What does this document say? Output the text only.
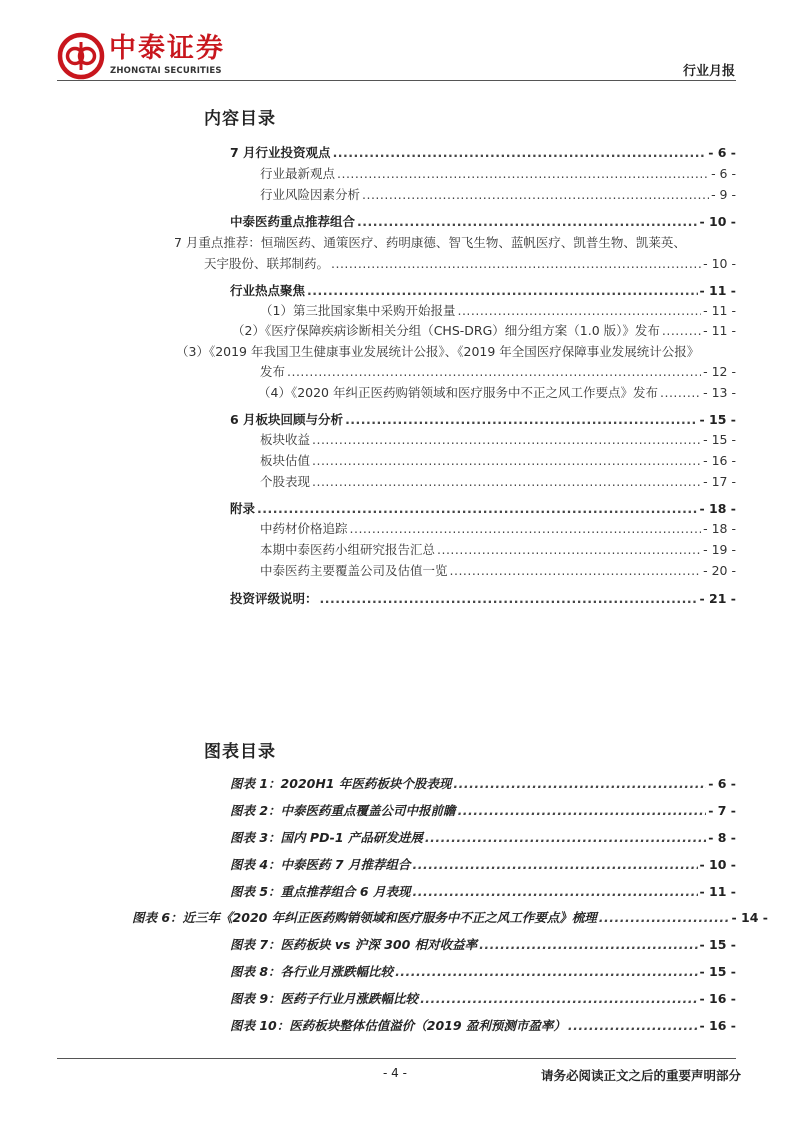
中泰证券
ZHONGTAI SECURITIES	行业月报
内容目录
7 月行业投资观点 .....	- 6 -
行业最新观点 .....	- 6 -
行业风险因素分析 .....	- 9 -
中泰医药重点推荐组合 .....	- 10 -
7 月重点推荐：恒瑞医药、通策医疗、药明康德、智飞生物、蓝帆医疗、凯普生物、凯莱英、
天宇股份、联邦制药。 .....	- 10 -
行业热点聚焦 .....	- 11 -
（1）第三批国家集中采购开始报量 .....	- 11 -
（2）《医疗保障疾病诊断相关分组（CHS-DRG）细分组方案（1.0 版）》发布 .....	- 11 -
（3）《2019 年我国卫生健康事业发展统计公报》、《2019 年全国医疗保障事业发展统计公报》
发布 .....	- 12 -
（4）《2020 年纠正医药购销领域和医疗服务中不正之风工作要点》发布 .....	- 13 -
6 月板块回顾与分析 .....	- 15 -
板块收益 .....	- 15 -
板块估值 .....	- 16 -
个股表现 .....	- 17 -
附录 .....	- 18 -
中药材价格追踪 .....	- 18 -
本期中泰医药小组研究报告汇总 .....	- 19 -
中泰医药主要覆盖公司及估值一览 .....	- 20 -
投资评级说明： .....	- 21 -
图表目录
图表 1：2020H1 年医药板块个股表现 .....	- 6 -
图表 2：中泰医药重点覆盖公司中报前瞻 .....	- 7 -
图表 3：国内 PD-1 产品研发进展 .....	- 8 -
图表 4：中泰医药 7 月推荐组合 .....	- 10 -
图表 5：重点推荐组合 6 月表现 .....	- 11 -
图表 6：近三年《2020 年纠正医药购销领域和医疗服务中不正之风工作要点》梳理 .....	- 14 -
图表 7：医药板块 vs 沪深 300 相对收益率 .....	- 15 -
图表 8：各行业月涨跌幅比较 .....	- 15 -
图表 9：医药子行业月涨跌幅比较 .....	- 16 -
图表 10：医药板块整体估值溢价（2019 盈利预测市盈率） .....	- 16 -
- 4 -	请务必阅读正文之后的重要声明部分
